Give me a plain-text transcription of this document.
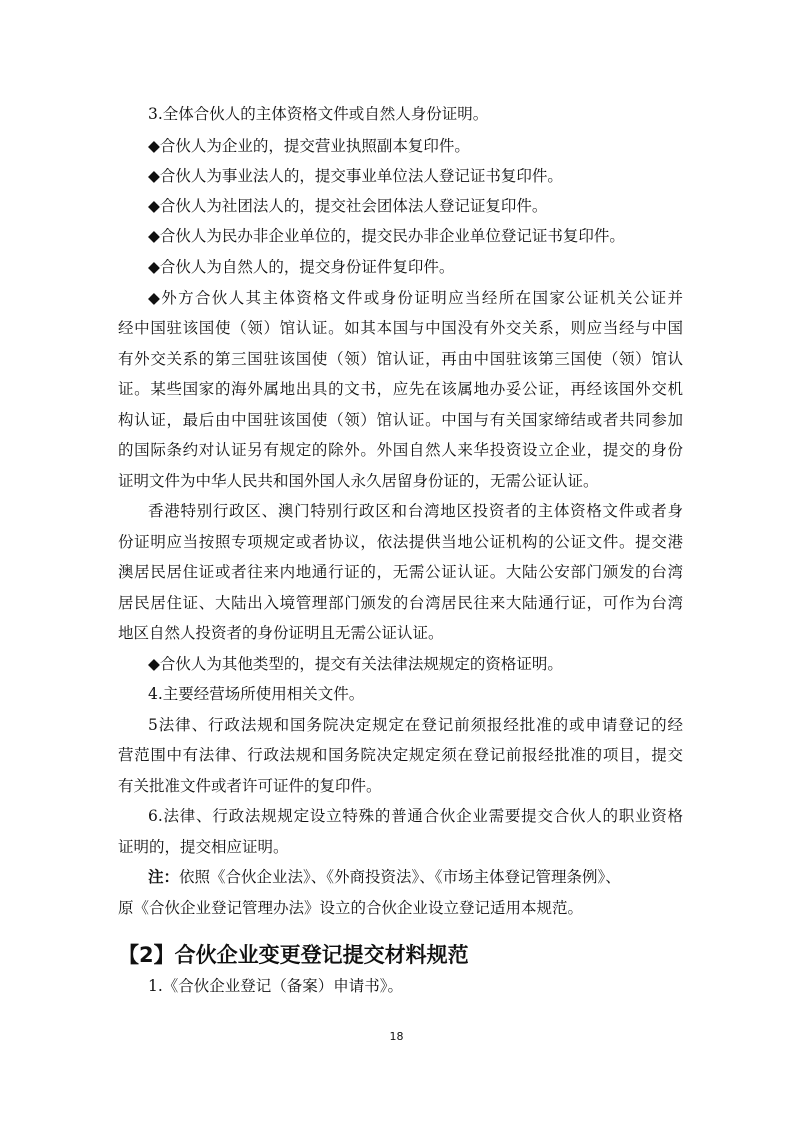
3.全体合伙人的主体资格文件或自然人身份证明。
◆合伙人为企业的，提交营业执照副本复印件。
◆合伙人为事业法人的，提交事业单位法人登记证书复印件。
◆合伙人为社团法人的，提交社会团体法人登记证复印件。
◆合伙人为民办非企业单位的，提交民办非企业单位登记证书复印件。
◆合伙人为自然人的，提交身份证件复印件。
◆外方合伙人其主体资格文件或身份证明应当经所在国家公证机关公证并
经中国驻该国使（领）馆认证。如其本国与中国没有外交关系，则应当经与中国
有外交关系的第三国驻该国使（领）馆认证，再由中国驻该第三国使（领）馆认
证。某些国家的海外属地出具的文书，应先在该属地办妥公证，再经该国外交机
构认证，最后由中国驻该国使（领）馆认证。中国与有关国家缔结或者共同参加
的国际条约对认证另有规定的除外。外国自然人来华投资设立企业，提交的身份
证明文件为中华人民共和国外国人永久居留身份证的，无需公证认证。
香港特别行政区、澳门特别行政区和台湾地区投资者的主体资格文件或者身
份证明应当按照专项规定或者协议，依法提供当地公证机构的公证文件。提交港
澳居民居住证或者往来内地通行证的，无需公证认证。大陆公安部门颁发的台湾
居民居住证、大陆出入境管理部门颁发的台湾居民往来大陆通行证，可作为台湾
地区自然人投资者的身份证明且无需公证认证。
◆合伙人为其他类型的，提交有关法律法规规定的资格证明。
4.主要经营场所使用相关文件。
5法律、行政法规和国务院决定规定在登记前须报经批准的或申请登记的经
营范围中有法律、行政法规和国务院决定规定须在登记前报经批准的项目，提交
有关批准文件或者许可证件的复印件。
6.法律、行政法规规定设立特殊的普通合伙企业需要提交合伙人的职业资格
证明的，提交相应证明。
注：依照《合伙企业法》、《外商投资法》、《市场主体登记管理条例》、
原《合伙企业登记管理办法》设立的合伙企业设立登记适用本规范。
【2】合伙企业变更登记提交材料规范
1.《合伙企业登记（备案）申请书》。
18
